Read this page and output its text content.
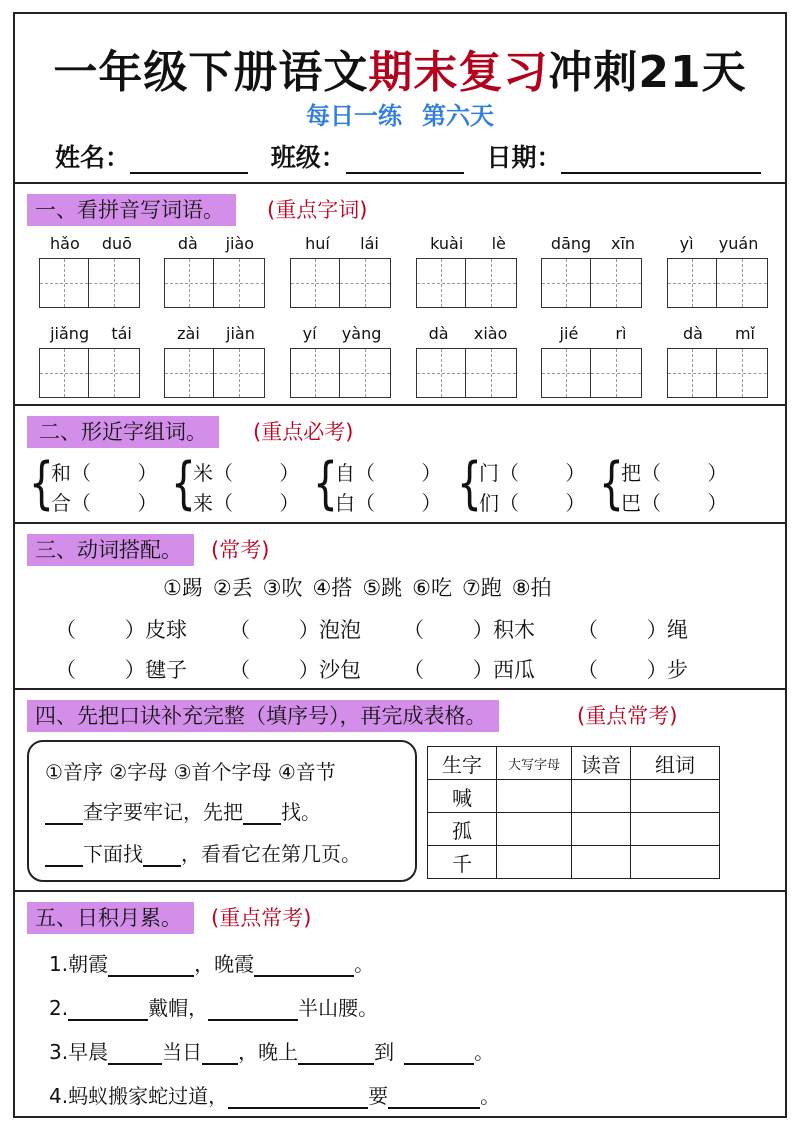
一年级下册语文期末复习冲刺21天
每日一练 第六天
姓名：	班级：	日期：
一、看拼音写词语。	(重点字词)
hǎo duō	dà jiào	huí lái	kuài lè	dāng xīn	yì yuán
jiǎng tái	zài jiàn	yí yàng	dà xiào	jié rì	dà mǐ
二、形近字组词。	(重点必考)
{
和（　　 ）
合（　　 ） {
米（　　 ）
来（　　 ） {
自（　　 ）
白（　　 ） {
门（　　 ）
们（　　 ） {
把（　　 ）
巴（　　 ）
三、动词搭配。	(常考)
①踢 ②丢 ③吹 ④搭 ⑤跳 ⑥吃 ⑦跑 ⑧拍
（　　 ）皮球 （　　 ）泡泡 （　　 ）积木 （　　 ）绳
（　　 ）毽子 （　　 ）沙包 （　　 ）西瓜 （　　 ）步
四、先把口诀补充完整（填序号），再完成表格。	(重点常考)
①音序 ②字母 ③首个字母 ④音节
查字要牢记，先把 找。
下面找 ，看看它在第几页。
生字	大写字母	读音	组词
喊			
孤			
千			
五、日积月累。	(重点常考)
1.朝霞	，晚霞	。
2.	戴帽，	半山腰。
3.早晨	当日 ，晚上	到	。
4.蚂蚁搬家蛇过道，	要	。
